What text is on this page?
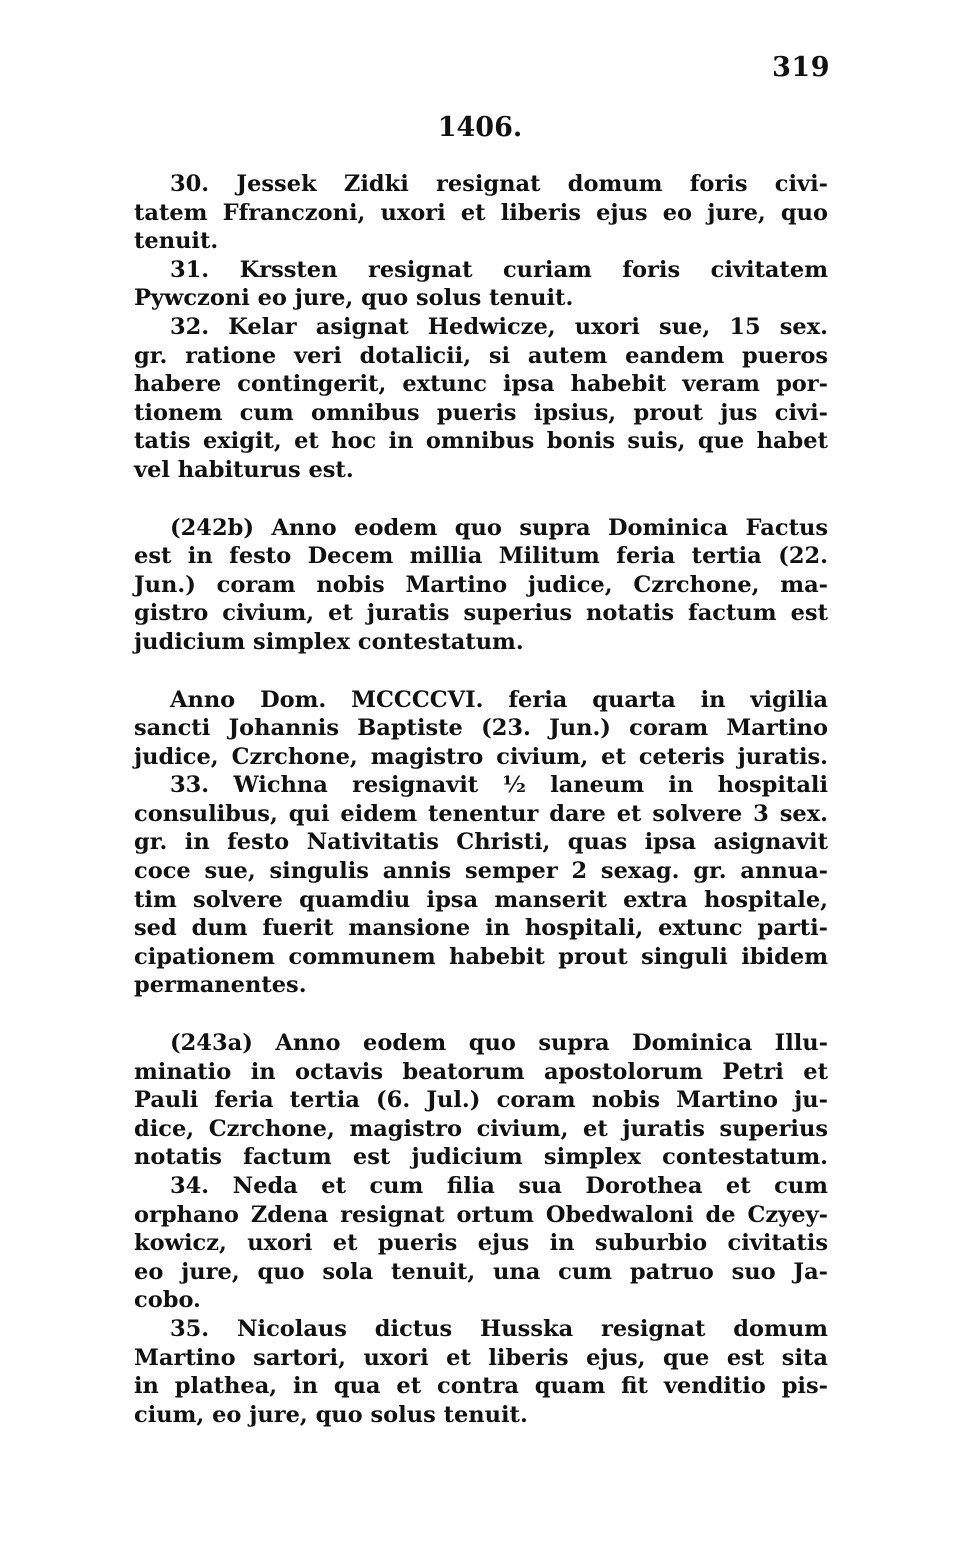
319
1406.
30. Jessek Zidki resignat domum foris civi-
tatem Ffranczoni, uxori et liberis ejus eo jure, quo
tenuit.
31. Krssten resignat curiam foris civitatem
Pywczoni eo jure, quo solus tenuit.
32. Kelar asignat Hedwicze, uxori sue, 15 sex.
gr. ratione veri dotalicii, si autem eandem pueros
habere contingerit, extunc ipsa habebit veram por-
tionem cum omnibus pueris ipsius, prout jus civi-
tatis exigit, et hoc in omnibus bonis suis, que habet
vel habiturus est.
(242b) Anno eodem quo supra Dominica Factus
est in festo Decem millia Militum feria tertia (22.
Jun.) coram nobis Martino judice, Czrchone, ma-
gistro civium, et juratis superius notatis factum est
judicium simplex contestatum.
Anno Dom. MCCCCVI. feria quarta in vigilia
sancti Johannis Baptiste (23. Jun.) coram Martino
judice, Czrchone, magistro civium, et ceteris juratis.
33. Wichna resignavit ½ laneum in hospitali
consulibus, qui eidem tenentur dare et solvere 3 sex.
gr. in festo Nativitatis Christi, quas ipsa asignavit
coce sue, singulis annis semper 2 sexag. gr. annua-
tim solvere quamdiu ipsa manserit extra hospitale,
sed dum fuerit mansione in hospitali, extunc parti-
cipationem communem habebit prout singuli ibidem
permanentes.
(243a) Anno eodem quo supra Dominica Illu-
minatio in octavis beatorum apostolorum Petri et
Pauli feria tertia (6. Jul.) coram nobis Martino ju-
dice, Czrchone, magistro civium, et juratis superius
notatis factum est judicium simplex contestatum.
34. Neda et cum filia sua Dorothea et cum
orphano Zdena resignat ortum Obedwaloni de Czyey-
kowicz, uxori et pueris ejus in suburbio civitatis
eo jure, quo sola tenuit, una cum patruo suo Ja-
cobo.
35. Nicolaus dictus Husska resignat domum
Martino sartori, uxori et liberis ejus, que est sita
in plathea, in qua et contra quam fit venditio pis-
cium, eo jure, quo solus tenuit.
